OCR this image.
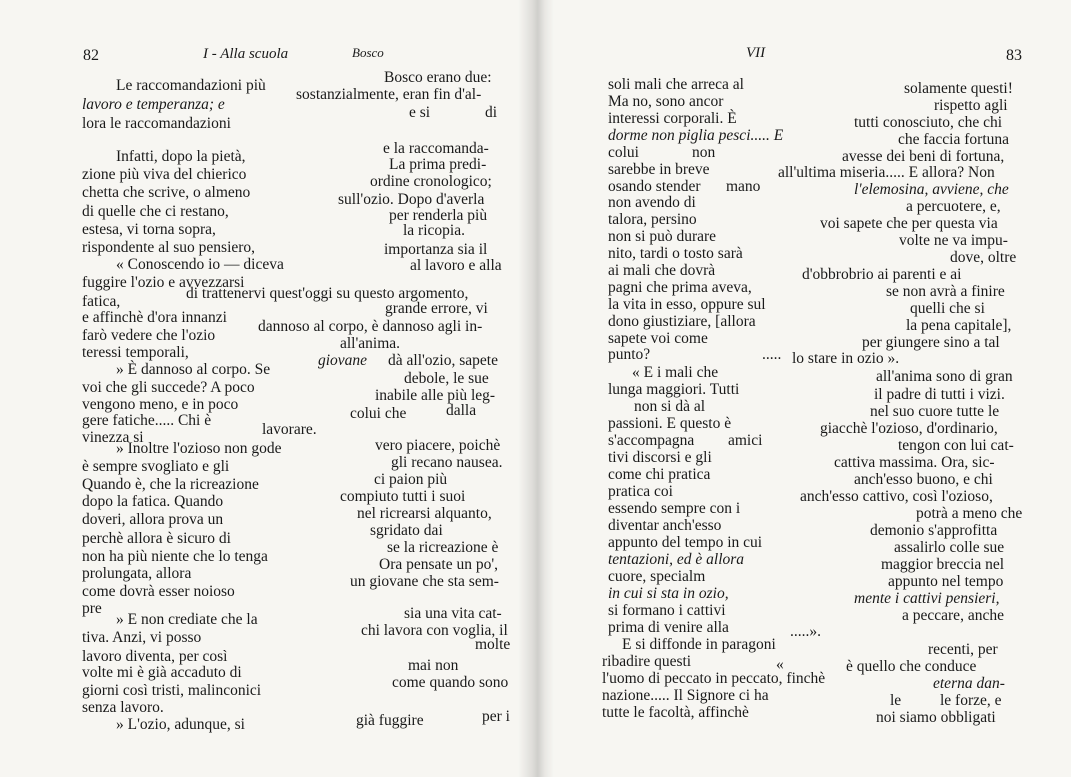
82	I - Alla scuola	Bosco
Le raccomandazioni più	Bosco erano due:
lavoro e temperanza; e
sostanzialmente, eran fin d'al-
lora le raccomandazioni
e si	di
e la raccomanda-
Infatti, dopo la pietà,	La prima predi-
zione più viva del chierico	ordine cronologico;
chetta che scrive, o almeno	sull'ozio. Dopo d'averla
di quelle che ci restano,	per renderla più
estesa, vi torna sopra,	la ricopia.
rispondente al suo pensiero,	importanza sia il
« Conoscendo io — diceva	al lavoro e alla
fuggire l'ozio e avvezzarsi
fatica,	di trattenervi quest'oggi su questo argomento,
e affinchè d'ora innanzi
grande errore, vi
farò vedere che l'ozio
dannoso al corpo, è dannoso agli in-
teressi temporali,
all'anima.
» È dannoso al corpo. Se
giovane dà all'ozio, sapete
voi che gli succede? A poco
debole, le sue
vengono meno, e in poco
inabile alle più leg-
gere fatiche..... Chi è	colui che	dalla
vinezza si	lavorare.
» Inoltre l'ozioso non gode	vero piacere, poichè
è sempre svogliato e gli	gli recano nausea.
Quando è, che la ricreazione	ci paion più
dopo la fatica. Quando	compiuto tutti i suoi
doveri, allora prova un	nel ricrearsi alquanto,
perchè allora è sicuro di	sgridato dai
non ha più niente che lo tenga
se la ricreazione è
prolungata, allora
Ora pensate un po',
come dovrà esser noioso
un giovane che sta sem-
pre
» E non crediate che la	sia una vita cat-
tiva. Anzi, vi posso	chi lavora con voglia, il
molte
lavoro diventa, per così
mai non
volte mi è già accaduto di
come quando sono
giorni così tristi, malinconici
senza lavoro.
» L'ozio, adunque, si	già fuggire	per i
VII	83
soli mali che arreca al	solamente questi!
Ma no, sono ancor	rispetto agli
interessi corporali. È	tutti conosciuto, che chi
dorme non piglia pesci..... E	che faccia fortuna
colui	non	avesse dei beni di fortuna,
sarebbe in breve	all'ultima miseria..... E allora? Non
osando stender mano	l'elemosina, avviene, che
non avendo di	a percuotere, e,
talora, persino	voi sapete che per questa via
non si può durare	volte ne va impu-
nito, tardi o tosto sarà	dove, oltre
ai mali che dovrà	d'obbrobrio ai parenti e ai
pagni che prima aveva,	se non avrà a finire
la vita in esso, oppure sul	quelli che si
dono giustiziare, [allora	la pena capitale],
sapete voi come	per giungere sino a tal
punto?	..... lo stare in ozio ».
« E i mali che	all'anima sono di gran
lunga maggiori. Tutti	il padre di tutti i vizi.
non si dà al	nel suo cuore tutte le
passioni. E questo è	giacchè l'ozioso, d'ordinario,
s'accompagna amici	tengon con lui cat-
tivi discorsi e gli	cattiva massima. Ora, sic-
come chi pratica	anch'esso buono, e chi
pratica coi	anch'esso cattivo, così l'ozioso,
essendo sempre con i	potrà a meno che
diventar anch'esso	demonio s'approfitta
appunto del tempo in cui	assalirlo colle sue
tentazioni, ed è allora	maggior breccia nel
cuore, specialm	appunto nel tempo
in cui si sta in ozio,	mente i cattivi pensieri,
si formano i cattivi	a peccare, anche
prima di venire alla	.....».
E si diffonde in paragoni	recenti, per
ribadire questi	«	è quello che conduce
l'uomo di peccato in peccato, finchè	eterna dan-
nazione..... Il Signore ci ha	le	le forze, e
tutte le facoltà, affinchè	noi siamo obbligati
